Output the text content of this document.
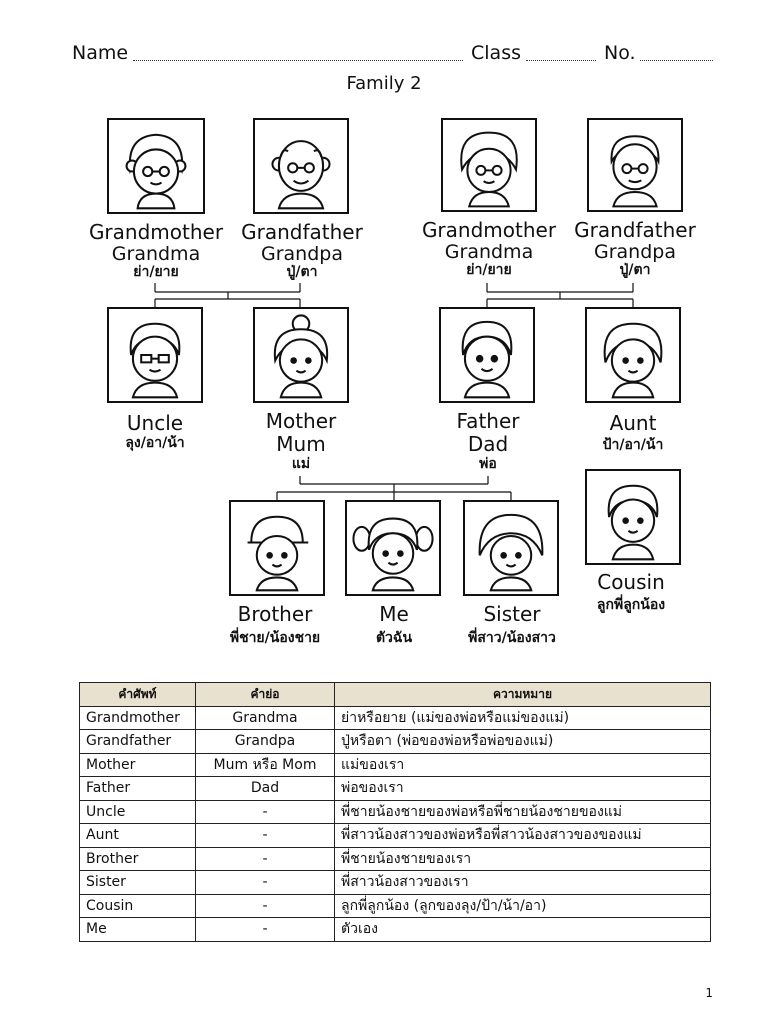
Name	Class	No.
Family 2
Grandmother
Grandma
ย่า/ยาย
Grandfather
Grandpa
ปู่/ตา
Grandmother
Grandma
ย่า/ยาย
Grandfather
Grandpa
ปู่/ตา
Uncle
ลุง/อา/น้า
Mother
Mum
แม่
Father
Dad
พ่อ
Aunt
ป้า/อา/น้า
Cousin
ลูกพี่ลูกน้อง
Brother
พี่ชาย/น้องชาย
Me
ตัวฉัน
Sister
พี่สาว/น้องสาว
คำศัพท์	คำย่อ	ความหมาย
Grandmother	Grandma	ย่าหรือยาย (แม่ของพ่อหรือแม่ของแม่)
Grandfather	Grandpa	ปู่หรือตา (พ่อของพ่อหรือพ่อของแม่)
Mother	Mum หรือ Mom	แม่ของเรา
Father	Dad	พ่อของเรา
Uncle	-	พี่ชายน้องชายของพ่อหรือพี่ชายน้องชายของแม่
Aunt	-	พี่สาวน้องสาวของพ่อหรือพี่สาวน้องสาวของของแม่
Brother	-	พี่ชายน้องชายของเรา
Sister	-	พี่สาวน้องสาวของเรา
Cousin	-	ลูกพี่ลูกน้อง (ลูกของลุง/ป้า/น้า/อา)
Me	-	ตัวเอง
1
